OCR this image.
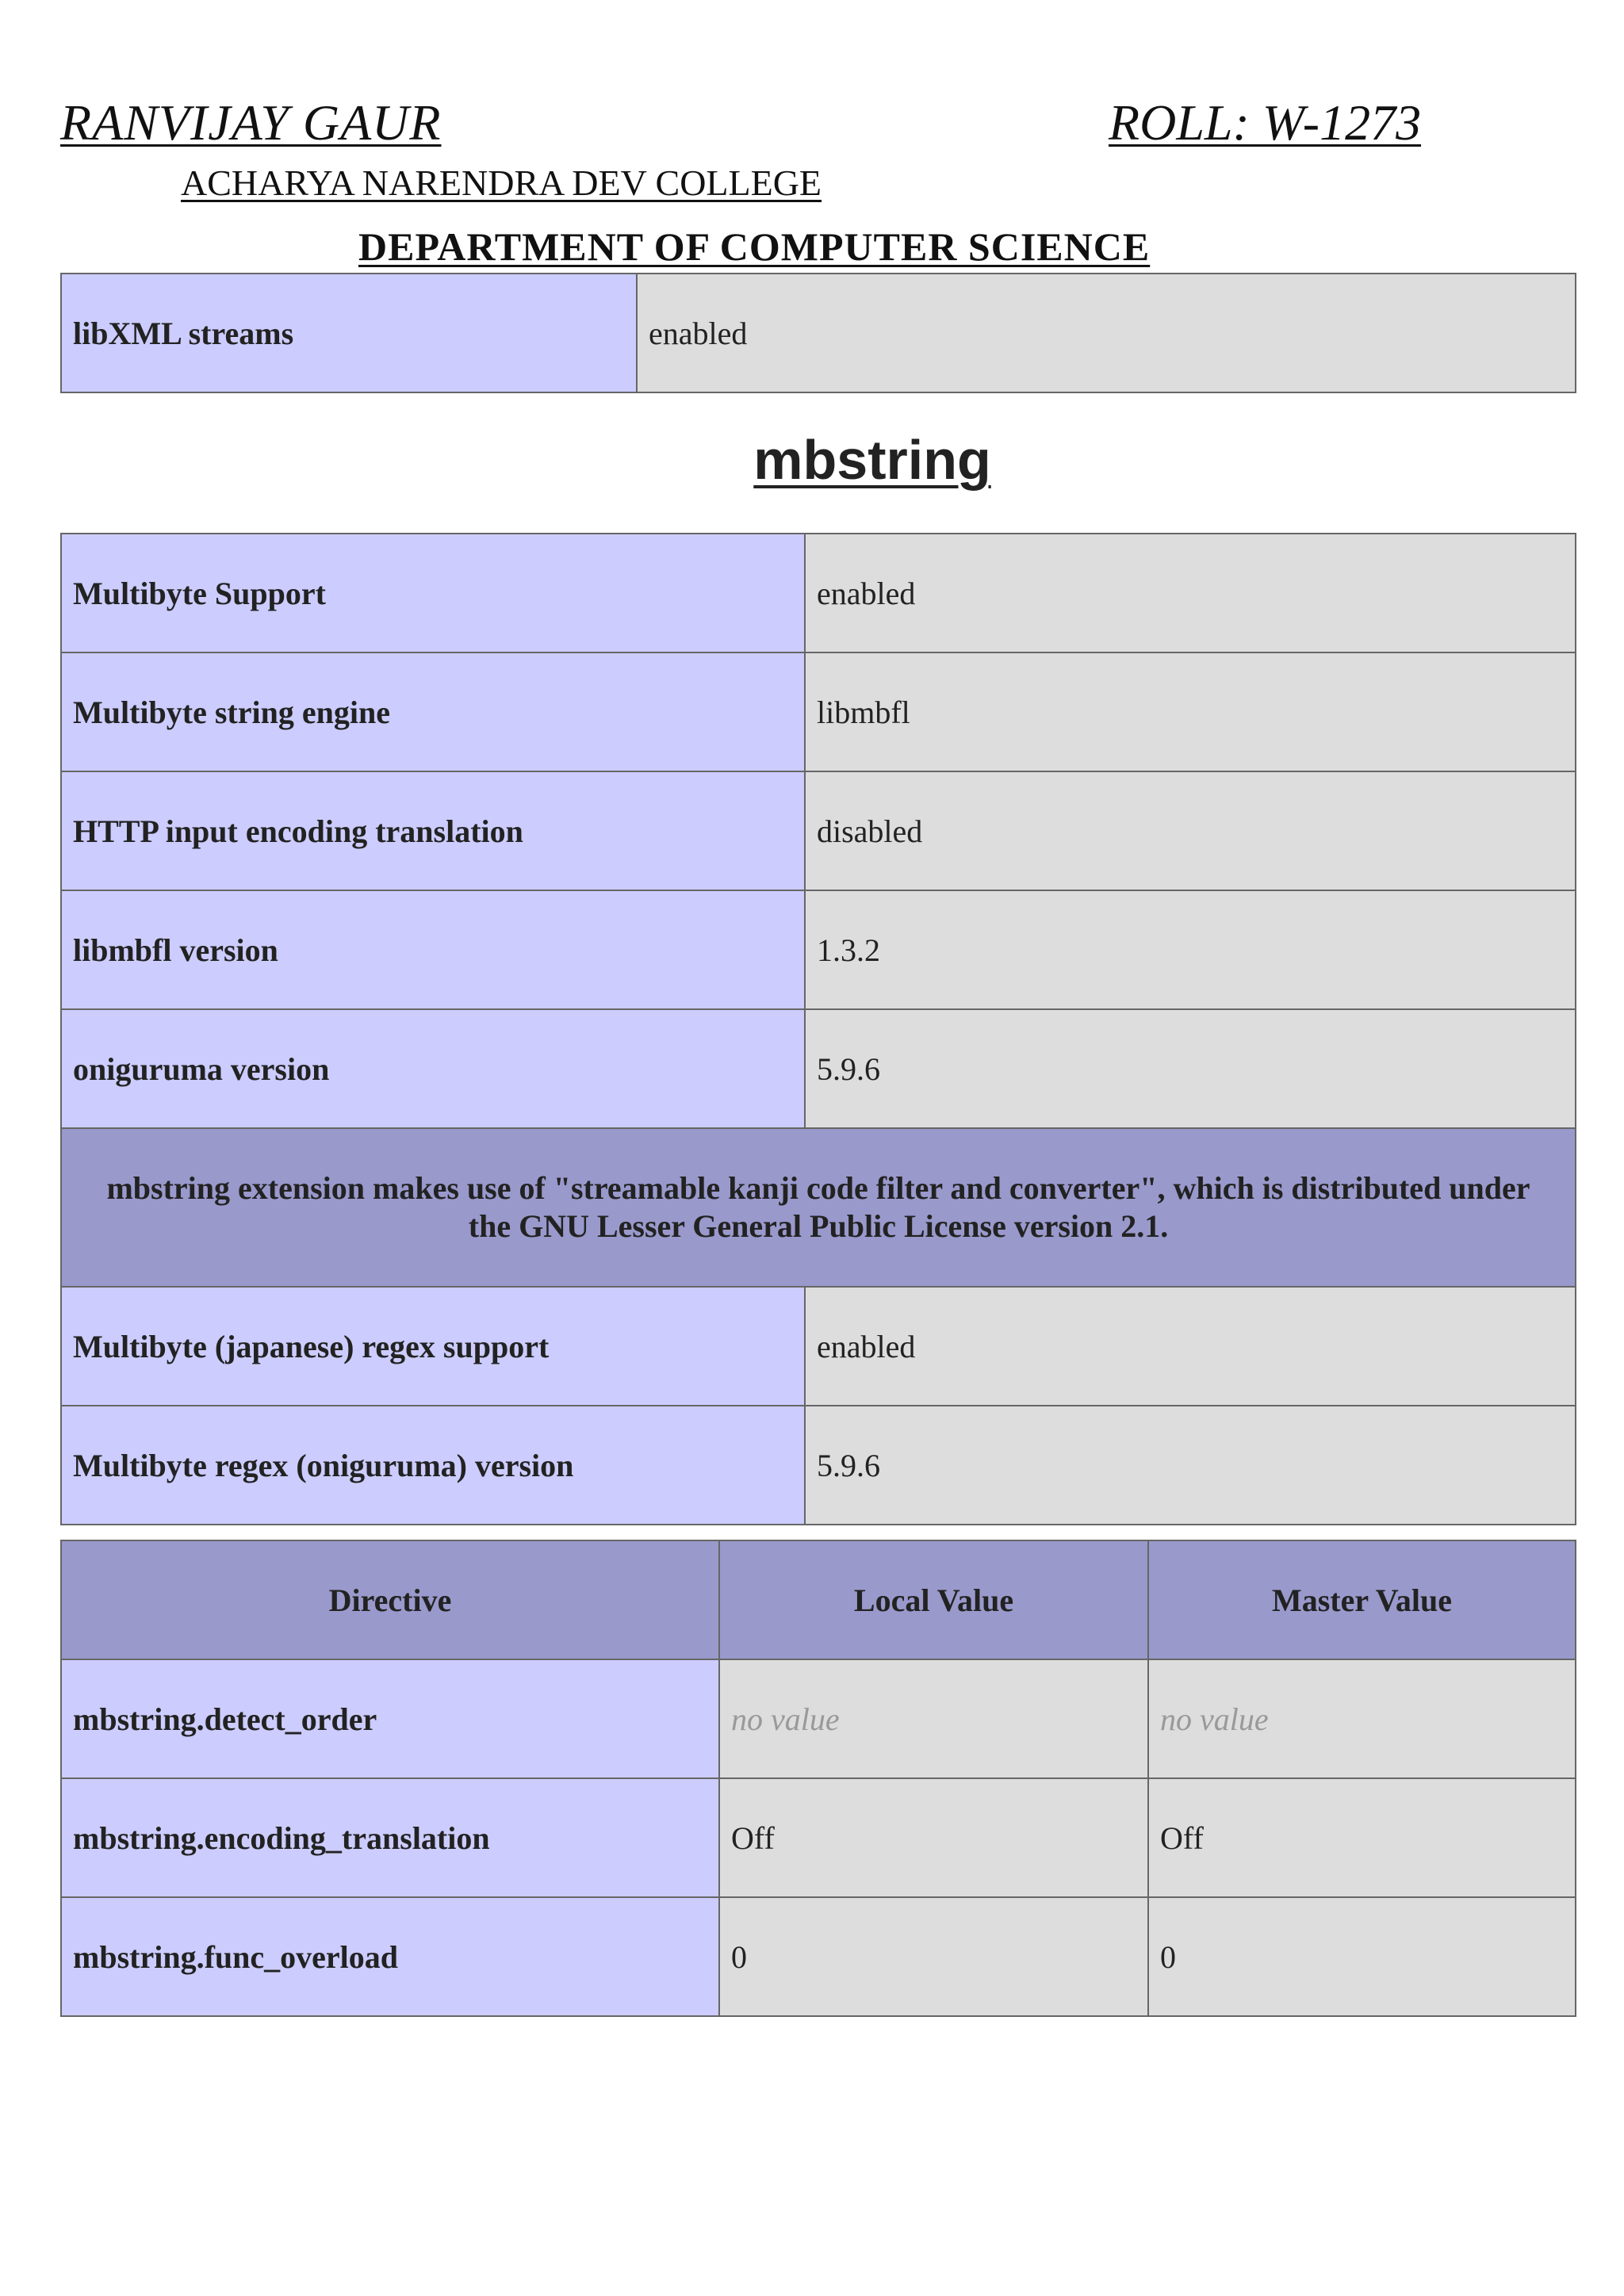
RANVIJAY GAUR	ROLL: W-1273
ACHARYA NARENDRA DEV COLLEGE
DEPARTMENT OF COMPUTER SCIENCE
libXML streams	enabled
mbstring
Multibyte Support	enabled
Multibyte string engine	libmbfl
HTTP input encoding translation	disabled
libmbfl version	1.3.2
oniguruma version	5.9.6
mbstring extension makes use of "streamable kanji code filter and converter", which is distributed under the GNU Lesser General Public License version 2.1.	
Multibyte (japanese) regex support	enabled
Multibyte regex (oniguruma) version	5.9.6
Directive	Local Value	Master Value
mbstring.detect_order	no value	no value
mbstring.encoding_translation	Off	Off
mbstring.func_overload	0	0
